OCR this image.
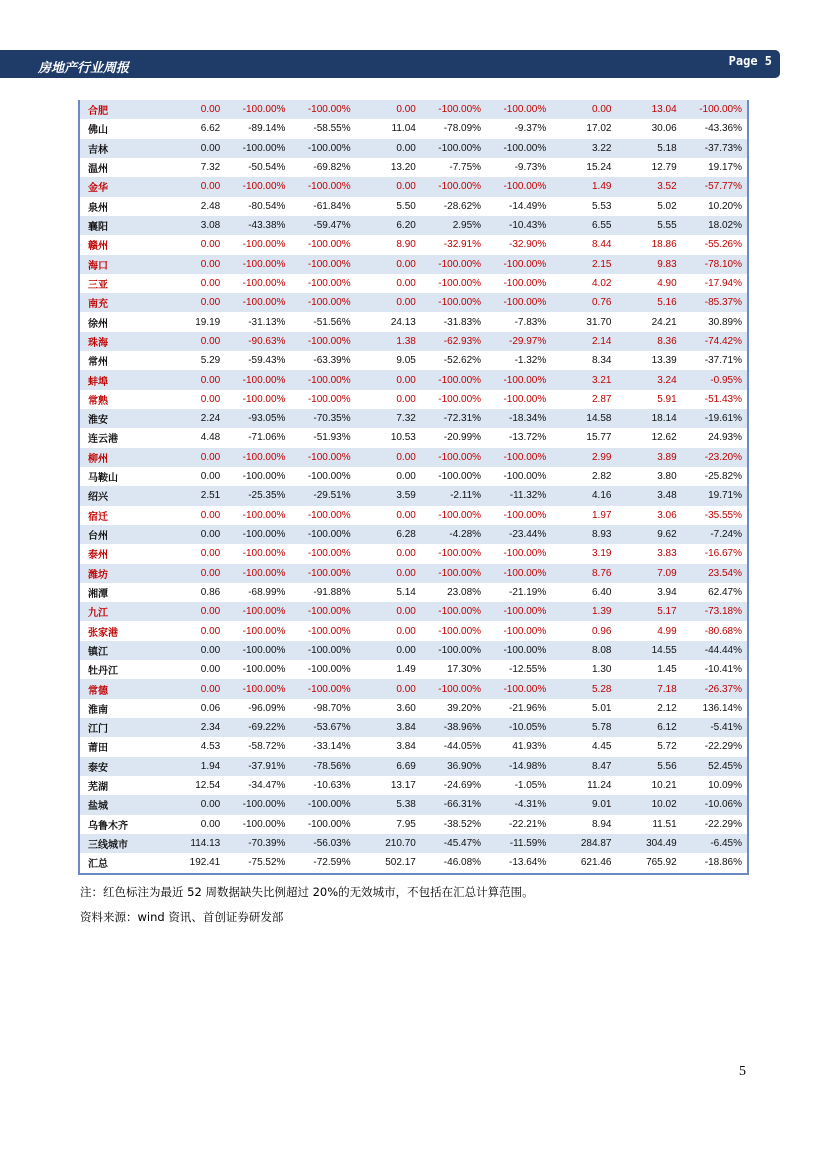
房地产行业周报	Page 5
合肥	0.00	-100.00%	-100.00%	0.00	-100.00%	-100.00%	0.00	13.04	-100.00%
佛山	6.62	-89.14%	-58.55%	11.04	-78.09%	-9.37%	17.02	30.06	-43.36%
吉林	0.00	-100.00%	-100.00%	0.00	-100.00%	-100.00%	3.22	5.18	-37.73%
温州	7.32	-50.54%	-69.82%	13.20	-7.75%	-9.73%	15.24	12.79	19.17%
金华	0.00	-100.00%	-100.00%	0.00	-100.00%	-100.00%	1.49	3.52	-57.77%
泉州	2.48	-80.54%	-61.84%	5.50	-28.62%	-14.49%	5.53	5.02	10.20%
襄阳	3.08	-43.38%	-59.47%	6.20	2.95%	-10.43%	6.55	5.55	18.02%
赣州	0.00	-100.00%	-100.00%	8.90	-32.91%	-32.90%	8.44	18.86	-55.26%
海口	0.00	-100.00%	-100.00%	0.00	-100.00%	-100.00%	2.15	9.83	-78.10%
三亚	0.00	-100.00%	-100.00%	0.00	-100.00%	-100.00%	4.02	4.90	-17.94%
南充	0.00	-100.00%	-100.00%	0.00	-100.00%	-100.00%	0.76	5.16	-85.37%
徐州	19.19	-31.13%	-51.56%	24.13	-31.83%	-7.83%	31.70	24.21	30.89%
珠海	0.00	-90.63%	-100.00%	1.38	-62.93%	-29.97%	2.14	8.36	-74.42%
常州	5.29	-59.43%	-63.39%	9.05	-52.62%	-1.32%	8.34	13.39	-37.71%
蚌埠	0.00	-100.00%	-100.00%	0.00	-100.00%	-100.00%	3.21	3.24	-0.95%
常熟	0.00	-100.00%	-100.00%	0.00	-100.00%	-100.00%	2.87	5.91	-51.43%
淮安	2.24	-93.05%	-70.35%	7.32	-72.31%	-18.34%	14.58	18.14	-19.61%
连云港	4.48	-71.06%	-51.93%	10.53	-20.99%	-13.72%	15.77	12.62	24.93%
柳州	0.00	-100.00%	-100.00%	0.00	-100.00%	-100.00%	2.99	3.89	-23.20%
马鞍山	0.00	-100.00%	-100.00%	0.00	-100.00%	-100.00%	2.82	3.80	-25.82%
绍兴	2.51	-25.35%	-29.51%	3.59	-2.11%	-11.32%	4.16	3.48	19.71%
宿迁	0.00	-100.00%	-100.00%	0.00	-100.00%	-100.00%	1.97	3.06	-35.55%
台州	0.00	-100.00%	-100.00%	6.28	-4.28%	-23.44%	8.93	9.62	-7.24%
泰州	0.00	-100.00%	-100.00%	0.00	-100.00%	-100.00%	3.19	3.83	-16.67%
潍坊	0.00	-100.00%	-100.00%	0.00	-100.00%	-100.00%	8.76	7.09	23.54%
湘潭	0.86	-68.99%	-91.88%	5.14	23.08%	-21.19%	6.40	3.94	62.47%
九江	0.00	-100.00%	-100.00%	0.00	-100.00%	-100.00%	1.39	5.17	-73.18%
张家港	0.00	-100.00%	-100.00%	0.00	-100.00%	-100.00%	0.96	4.99	-80.68%
镇江	0.00	-100.00%	-100.00%	0.00	-100.00%	-100.00%	8.08	14.55	-44.44%
牡丹江	0.00	-100.00%	-100.00%	1.49	17.30%	-12.55%	1.30	1.45	-10.41%
常德	0.00	-100.00%	-100.00%	0.00	-100.00%	-100.00%	5.28	7.18	-26.37%
淮南	0.06	-96.09%	-98.70%	3.60	39.20%	-21.96%	5.01	2.12	136.14%
江门	2.34	-69.22%	-53.67%	3.84	-38.96%	-10.05%	5.78	6.12	-5.41%
莆田	4.53	-58.72%	-33.14%	3.84	-44.05%	41.93%	4.45	5.72	-22.29%
泰安	1.94	-37.91%	-78.56%	6.69	36.90%	-14.98%	8.47	5.56	52.45%
芜湖	12.54	-34.47%	-10.63%	13.17	-24.69%	-1.05%	11.24	10.21	10.09%
盐城	0.00	-100.00%	-100.00%	5.38	-66.31%	-4.31%	9.01	10.02	-10.06%
乌鲁木齐	0.00	-100.00%	-100.00%	7.95	-38.52%	-22.21%	8.94	11.51	-22.29%
三线城市	114.13	-70.39%	-56.03%	210.70	-45.47%	-11.59%	284.87	304.49	-6.45%
汇总	192.41	-75.52%	-72.59%	502.17	-46.08%	-13.64%	621.46	765.92	-18.86%
注：红色标注为最近 52 周数据缺失比例超过 20%的无效城市，不包括在汇总计算范围。
资料来源：wind 资讯、首创证券研发部
5
